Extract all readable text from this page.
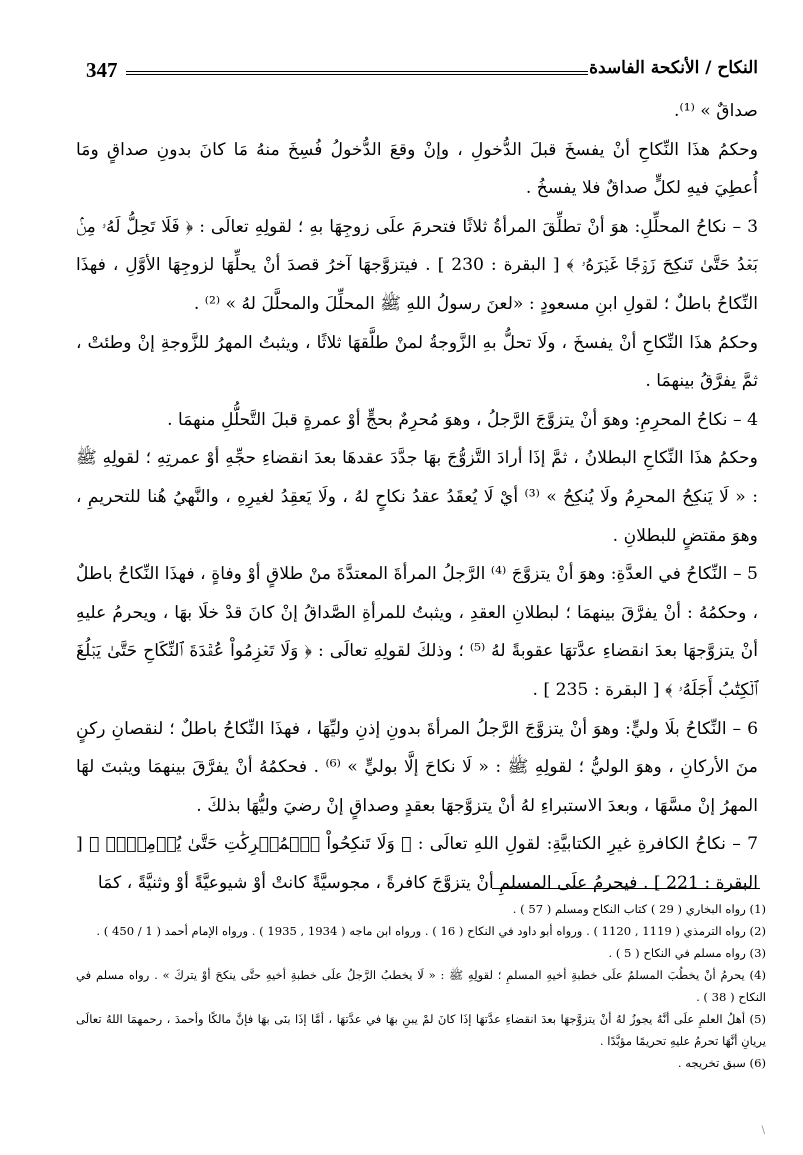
347	النكاح / الأنكحة الفاسدة

صداقٌ » ⁽¹⁾.

وحكمُ هذَا النِّكاحِ أنْ يفسخَ قبلَ الدُّخولِ ، وإنْ وقعَ الدُّخولُ فُسِخَ منهُ مَا كانَ بدونِ صداقٍ ومَا أُعطِيَ فيهِ لكلٍّ صداقٌ فلا يفسخُ .

3 – نكاحُ المحلِّلِ: هوَ أنْ تطلِّقَ المرأةُ ثلاثًا فتحرمَ علَى زوجِهَا بهِ ؛ لقولِهِ تعالَى : ﴿ فَلَا تَحِلُّ لَهُۥ مِنۢ بَعۡدُ حَتَّىٰ تَنكِحَ زَوۡجًا غَيۡرَهُۥ ﴾ [ البقرة : 230 ] . فيتزوَّجهَا آخرُ قصدَ أنْ يحلِّهَا لزوجِهَا الأوَّلِ ، فهذَا النِّكاحُ باطلٌ ؛ لقولِ ابنِ مسعودٍ : «لعنَ رسولُ اللهِ ﷺ المحلِّلَ والمحلَّلَ لهُ » ⁽²⁾ .

وحكمُ هذَا النِّكاحِ أنْ يفسخَ ، ولَا تحلُّ بهِ الزَّوجةُ لمنْ طلَّقهَا ثلاثًا ، ويثبتُ المهرُ للزَّوجةِ إنْ وطئتْ ، ثمَّ يفرَّقُ بينهمَا .

4 – نكاحُ المحرِمِ: وهوَ أنْ يتزوَّجَ الرَّجلُ ، وهوَ مُحرِمٌ بحجٍّ أوْ عمرةٍ قبلَ التَّحلُّلِ منهمَا .

وحكمُ هذَا النِّكاحِ البطلانُ ، ثمَّ إذَا أرادَ التَّزوُّجَ بهَا جدَّدَ عقدهَا بعدَ انقضاءِ حجِّهِ أوْ عمرتِهِ ؛ لقولِهِ ﷺ : « لَا يَنكِحُ المحرِمُ ولَا يُنكِحُ » ⁽³⁾ أيْ لَا يُعقَدُ عقدُ نكاحٍ لهُ ، ولَا يَعقِدُ لغيرِهِ ، والنَّهيُ هُنا للتحريمِ ، وهوَ مقتضٍ للبطلانِ .

5 – النِّكاحُ في العدَّةِ: وهوَ أنْ يتزوَّجَ ⁽⁴⁾ الرَّجلُ المرأةَ المعتدَّةَ منْ طلاقٍ أوْ وفاةٍ ، فهذَا النِّكاحُ باطلٌ ، وحكمُهُ : أنْ يفرَّقَ بينهمَا ؛ لبطلانِ العقدِ ، ويثبتُ للمرأةِ الصَّداقُ إنْ كانَ قدْ خلَا بهَا ، ويحرمُ عليهِ أنْ يتزوَّجهَا بعدَ انقضاءِ عدَّتهَا عقوبةً لهُ ⁽⁵⁾ ؛ وذلكَ لقولِهِ تعالَى : ﴿ وَلَا تَعۡزِمُواْ عُقۡدَةَ ٱلنِّكَاحِ حَتَّىٰ يَبۡلُغَ ٱلۡكِتَٰبُ أَجَلَهُۥ ﴾ [ البقرة : 235 ] .

6 – النِّكاحُ بلَا وليٍّ: وهوَ أنْ يتزوَّجَ الرَّجلُ المرأةَ بدونِ إذنِ وليِّهَا ، فهذَا النِّكاحُ باطلٌ ؛ لنقصانِ ركنٍ منَ الأركانِ ، وهوَ الوليُّ ؛ لقولِهِ ﷺ : « لَا نكاحَ إلَّا بوليٍّ » ⁽⁶⁾ . فحكمُهُ أنْ يفرَّقَ بينهمَا ويثبتَ لهَا المهرُ إنْ مسَّهَا ، وبعدَ الاستبراءِ لهُ أنْ يتزوَّجهَا بعقدٍ وصداقٍ إنْ رضيَ وليُّهَا بذلكَ .

7 – نكاحُ الكافرةِ غيرِ الكتابيَّةِ: لقولِ اللهِ تعالَى : ﴿ وَلَا تَنكِحُواْ ٱلۡمُشۡرِكَٰتِ حَتَّىٰ يُؤۡمِنَّۚ ﴾ [ البقرة : 221 ] . فيحرمُ علَى المسلمِ أنْ يتزوَّجَ كافرةً ، مجوسيَّةً كانتْ أوْ شيوعيَّةً أوْ وثنيَّةً ، كمَا

(1) رواه البخاري ( 29 ) كتاب النكاح ومسلم ( 57 ) .

(2) رواه الترمذي ( 1119 , 1120 ) . ورواه أبو داود في النكاح ( 16 ) . ورواه ابن ماجه ( 1934 , 1935 ) . ورواه الإمام أحمد ( 1 / 450 ) .

(3) رواه مسلم في النكاح ( 5 ) .

(4) يحرمُ أنْ يخطُبَ المسلمُ علَى خطبةِ أخيهِ المسلمِ ؛ لقولِهِ ﷺ : « لَا يخطبُ الرَّجلُ علَى خطبةِ أخيهِ حتَّى ينكحَ أوْ يتركَ » . رواه مسلم في النكاح ( 38 ) .

(5) أهلُ العلمِ علَى أنَّهُ يجوزُ لهُ أنْ يتزوَّجهَا بعدَ انقضاءِ عدَّتهَا إذَا كانَ لمْ يبنِ بهَا في عدَّتهَا ، أمَّا إذَا بنَى بهَا فإنَّ مالكًا وأحمدَ ، رحمهمَا اللهُ تعالَى يريانِ أنَّهَا تحرمُ عليهِ تحريمًا مؤبَّدًا .

(6) سبق تخريجه .

\
